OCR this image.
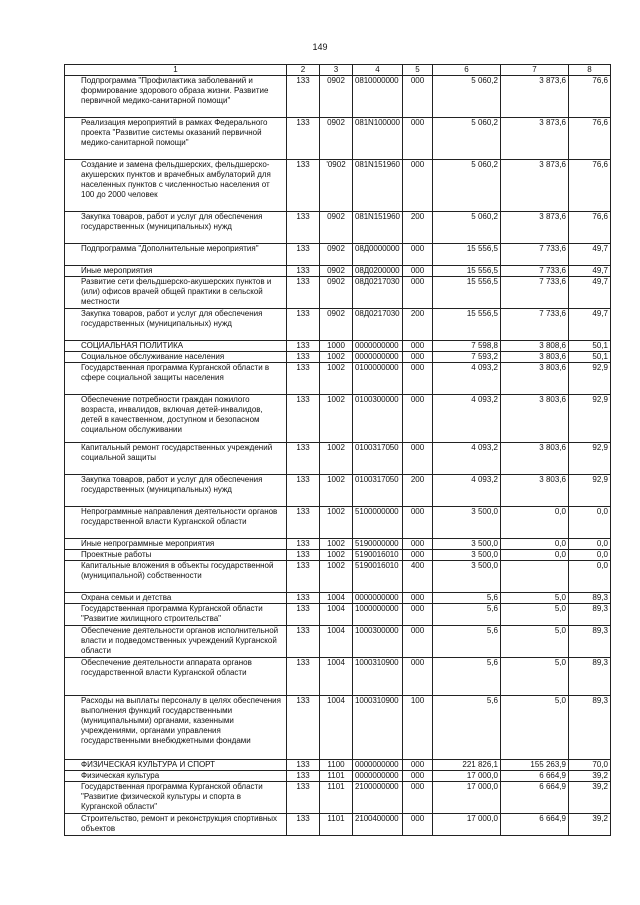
149
1	2	3	4	5	6	7	8

Подпрограмма "Профилактика заболеваний и формирование здорового образа жизни. Развитие первичной медико-санитарной помощи"	133	0902	0810000000	000	5 060,2	3 873,6	76,6

Реализация мероприятий в рамках Федерального проекта "Развитие системы оказаний первичной медико-санитарной помощи"	133	0902	081N100000	000	5 060,2	3 873,6	76,6

Создание и замена фельдшерских, фельдшерско-акушерских пунктов и врачебных амбулаторий для населенных пунктов с численностью населения от 100 до 2000 человек	133	'0902	081N151960	000	5 060,2	3 873,6	76,6

Закупка товаров, работ и услуг для обеспечения государственных (муниципальных) нужд	133	0902	081N151960	200	5 060,2	3 873,6	76,6

Подпрограмма "Дополнительные мероприятия"	133	0902	08Д0000000	000	15 556,5	7 733,6	49,7

Иные мероприятия	133	0902	08Д0200000	000	15 556,5	7 733,6	49,7

Развитие сети фельдшерско-акушерских пунктов и (или) офисов врачей общей практики в сельской местности	133	0902	08Д0217030	000	15 556,5	7 733,6	49,7

Закупка товаров, работ и услуг для обеспечения государственных (муниципальных) нужд	133	0902	08Д0217030	200	15 556,5	7 733,6	49,7

СОЦИАЛЬНАЯ ПОЛИТИКА	133	1000	0000000000	000	7 598,8	3 808,6	50,1

Социальное обслуживание населения	133	1002	0000000000	000	7 593,2	3 803,6	50,1

Государственная программа Курганской области в сфере социальной защиты населения	133	1002	0100000000	000	4 093,2	3 803,6	92,9

Обеспечение потребности граждан пожилого возраста, инвалидов, включая детей-инвалидов, детей в качественном, доступном и безопасном социальном обслуживании	133	1002	0100300000	000	4 093,2	3 803,6	92,9

Капитальный ремонт государственных учреждений социальной защиты	133	1002	0100317050	000	4 093,2	3 803,6	92,9

Закупка товаров, работ и услуг для обеспечения государственных (муниципальных) нужд	133	1002	0100317050	200	4 093,2	3 803,6	92,9

Непрограммные направления деятельности органов государственной власти Курганской области	133	1002	5100000000	000	3 500,0	0,0	0,0

Иные непрограммные мероприятия	133	1002	5190000000	000	3 500,0	0,0	0,0

Проектные работы	133	1002	5190016010	000	3 500,0	0,0	0,0

Капитальные вложения в объекты государственной (муниципальной) собственности	133	1002	5190016010	400	3 500,0		0,0

Охрана семьи и детства	133	1004	0000000000	000	5,6	5,0	89,3

Государственная программа Курганской области "Развитие жилищного строительства"	133	1004	1000000000	000	5,6	5,0	89,3

Обеспечение деятельности органов исполнительной власти и подведомственных учреждений Курганской области	133	1004	1000300000	000	5,6	5,0	89,3

Обеспечение деятельности аппарата органов государственной власти Курганской области	133	1004	1000310900	000	5,6	5,0	89,3

Расходы на выплаты персоналу в целях обеспечения выполнения функций государственными (муниципальными) органами, казенными учреждениями, органами управления государственными внебюджетными фондами	133	1004	1000310900	100	5,6	5,0	89,3

ФИЗИЧЕСКАЯ КУЛЬТУРА И СПОРТ	133	1100	0000000000	000	221 826,1	155 263,9	70,0

Физическая культура	133	1101	0000000000	000	17 000,0	6 664,9	39,2

Государственная программа Курганской области "Развитие физической культуры и спорта в Курганской области"	133	1101	2100000000	000	17 000,0	6 664,9	39,2

Строительство, ремонт и реконструкция спортивных объектов	133	1101	2100400000	000	17 000,0	6 664,9	39,2
